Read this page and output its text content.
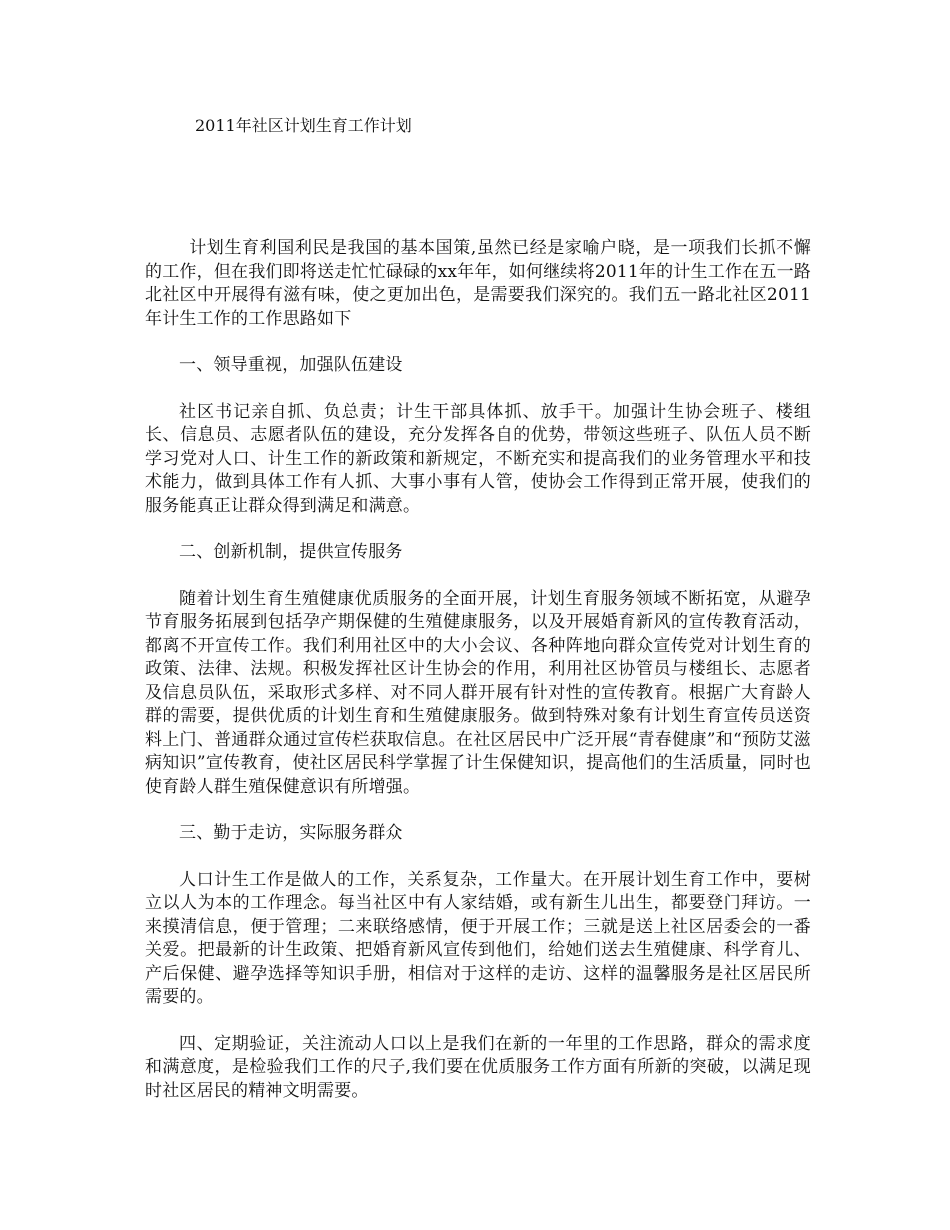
2011年社区计划生育工作计划

计划生育利国利民是我国的基本国策,虽然已经是家喻户晓，是一项我们长抓不懈的工作，但在我们即将送走忙忙碌碌的xx年年，如何继续将2011年的计生工作在五一路北社区中开展得有滋有味，使之更加出色，是需要我们深究的。我们五一路北社区2011年计生工作的工作思路如下

一、领导重视，加强队伍建设

社区书记亲自抓、负总责；计生干部具体抓、放手干。加强计生协会班子、楼组长、信息员、志愿者队伍的建设，充分发挥各自的优势，带领这些班子、队伍人员不断学习党对人口、计生工作的新政策和新规定，不断充实和提高我们的业务管理水平和技术能力，做到具体工作有人抓、大事小事有人管，使协会工作得到正常开展，使我们的服务能真正让群众得到满足和满意。

二、创新机制，提供宣传服务

随着计划生育生殖健康优质服务的全面开展，计划生育服务领域不断拓宽，从避孕节育服务拓展到包括孕产期保健的生殖健康服务，以及开展婚育新风的宣传教育活动，都离不开宣传工作。我们利用社区中的大小会议、各种阵地向群众宣传党对计划生育的政策、法律、法规。积极发挥社区计生协会的作用，利用社区协管员与楼组长、志愿者及信息员队伍，采取形式多样、对不同人群开展有针对性的宣传教育。根据广大育龄人群的需要，提供优质的计划生育和生殖健康服务。做到特殊对象有计划生育宣传员送资料上门、普通群众通过宣传栏获取信息。在社区居民中广泛开展“青春健康”和“预防艾滋病知识”宣传教育，使社区居民科学掌握了计生保健知识，提高他们的生活质量，同时也使育龄人群生殖保健意识有所增强。

三、勤于走访，实际服务群众

人口计生工作是做人的工作，关系复杂，工作量大。在开展计划生育工作中，要树立以人为本的工作理念。每当社区中有人家结婚，或有新生儿出生，都要登门拜访。一来摸清信息，便于管理；二来联络感情，便于开展工作；三就是送上社区居委会的一番关爱。把最新的计生政策、把婚育新风宣传到他们，给她们送去生殖健康、科学育儿、产后保健、避孕选择等知识手册，相信对于这样的走访、这样的温馨服务是社区居民所需要的。

四、定期验证，关注流动人口以上是我们在新的一年里的工作思路，群众的需求度和满意度，是检验我们工作的尺子,我们要在优质服务工作方面有所新的突破，以满足现时社区居民的精神文明需要。
